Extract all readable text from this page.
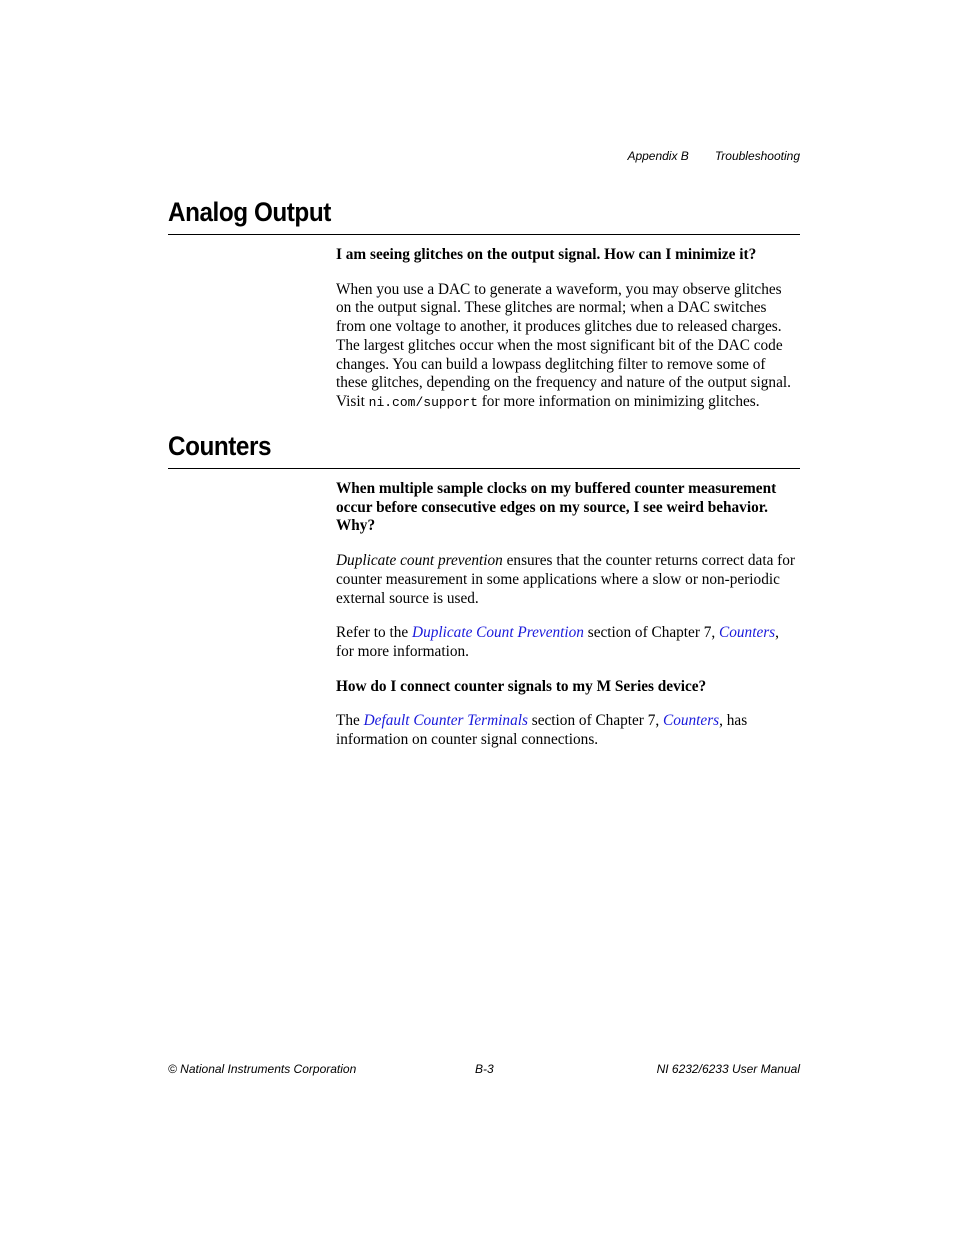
Appendix B Troubleshooting
Analog Output

I am seeing glitches on the output signal. How can I minimize it?

When you use a DAC to generate a waveform, you may observe glitches on the output signal. These glitches are normal; when a DAC switches from one voltage to another, it produces glitches due to released charges. The largest glitches occur when the most significant bit of the DAC code changes. You can build a lowpass deglitching filter to remove some of these glitches, depending on the frequency and nature of the output signal. Visit ni.com/support for more information on minimizing glitches.

Counters

When multiple sample clocks on my buffered counter measurement occur before consecutive edges on my source, I see weird behavior. Why?

Duplicate count prevention ensures that the counter returns correct data for counter measurement in some applications where a slow or non-periodic external source is used.

Refer to the Duplicate Count Prevention section of Chapter 7, Counters, for more information.

How do I connect counter signals to my M Series device?

The Default Counter Terminals section of Chapter 7, Counters, has information on counter signal connections.

© National Instruments Corporation	B-3	NI 6232/6233 User Manual
